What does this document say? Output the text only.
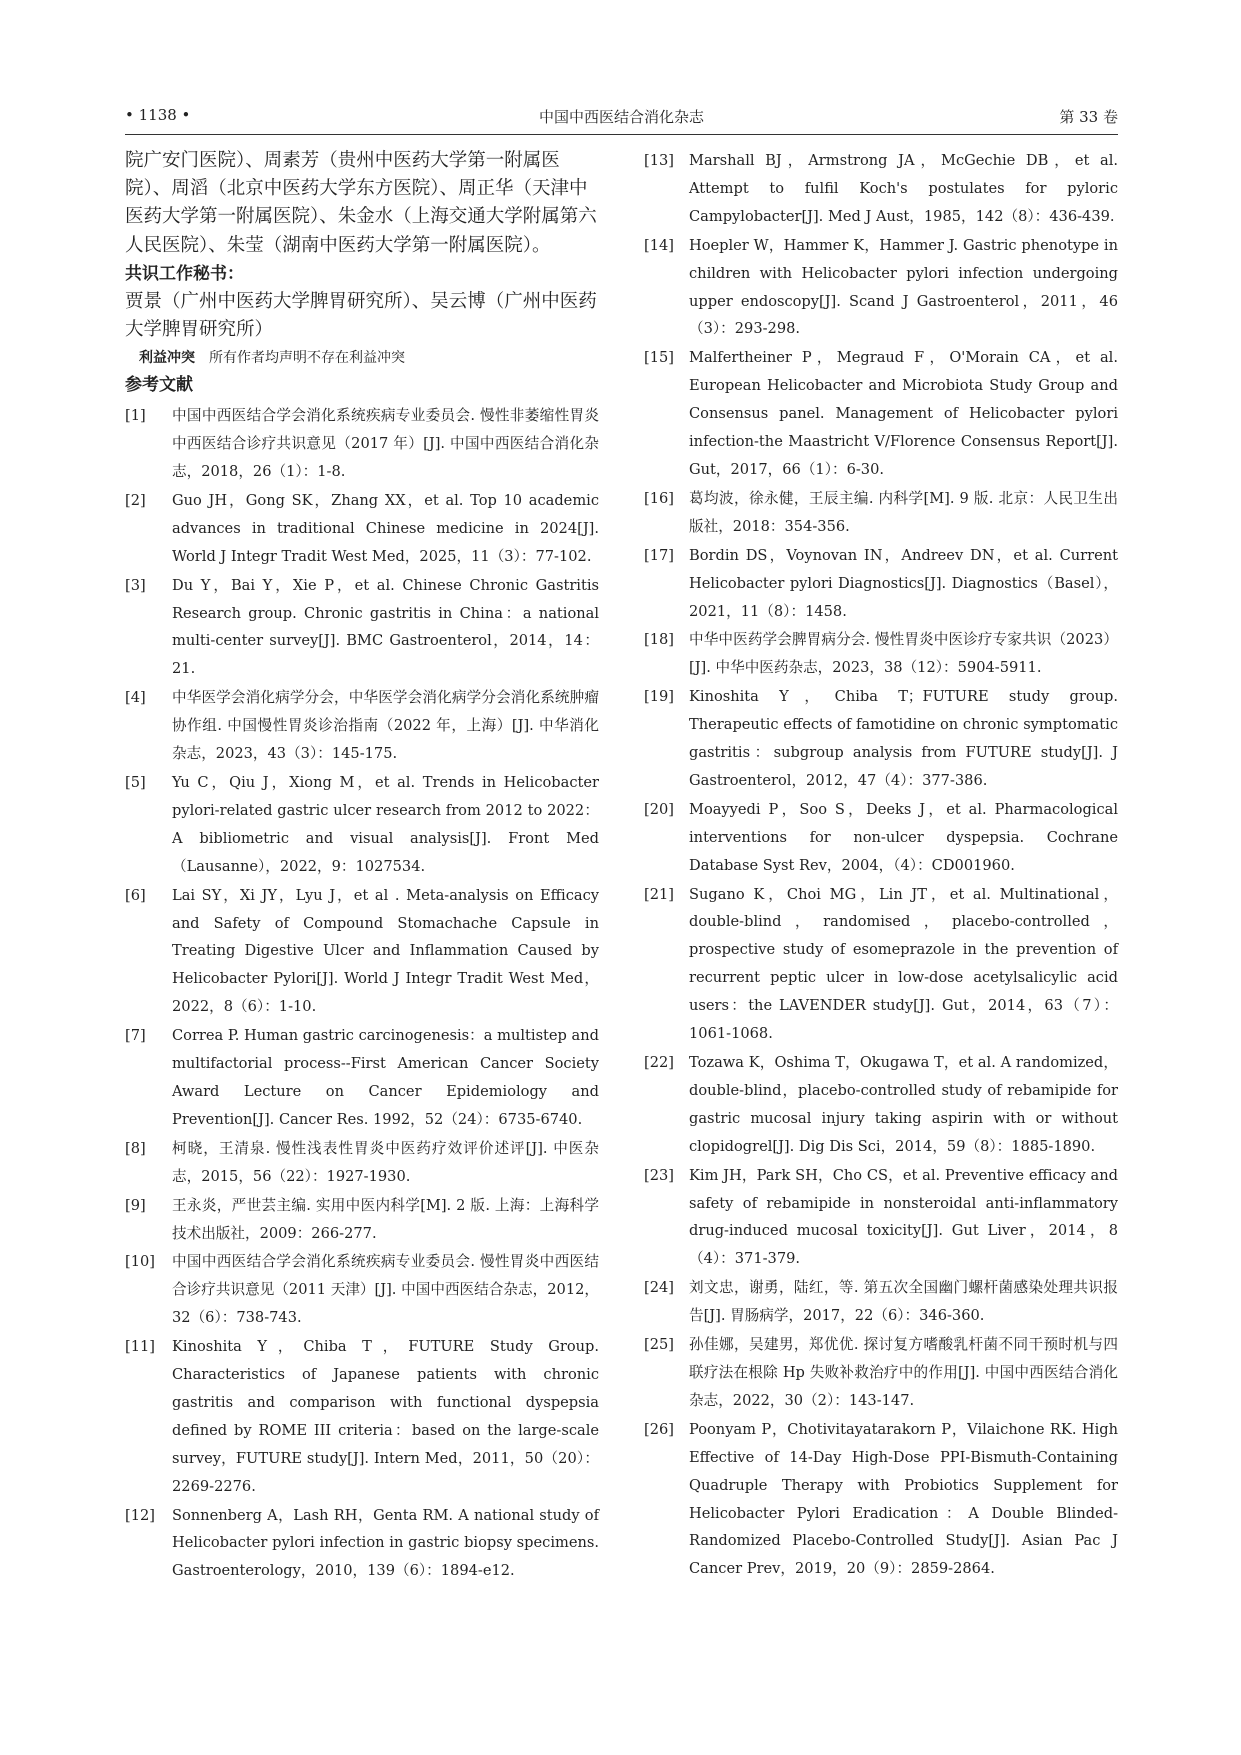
中国中西医结合消化杂志
• 1138 •	第 33 卷

院广安门医院）、周素芳（贵州中医药大学第一附属医院）、周滔（北京中医药大学东方医院）、周正华（天津中医药大学第一附属医院）、朱金水（上海交通大学附属第六人民医院）、朱莹（湖南中医药大学第一附属医院）。

共识工作秘书：

贾景（广州中医药大学脾胃研究所）、吴云博（广州中医药大学脾胃研究所）

利益冲突 所有作者均声明不存在利益冲突

参考文献

[1] 中国中西医结合学会消化系统疾病专业委员会. 慢性非萎缩性胃炎中西医结合诊疗共识意见（2017 年）[J]. 中国中西医结合消化杂志，2018，26（1）：1-8.
[2] Guo JH，Gong SK，Zhang XX，et al. Top 10 academic advances in traditional Chinese medicine in 2024[J]. World J Integr Tradit West Med，2025，11（3）：77-102.
[3] Du Y，Bai Y，Xie P，et al. Chinese Chronic Gastritis Research group. Chronic gastritis in China：a national multi-center survey[J]. BMC Gastroenterol，2014，14：21.
[4] 中华医学会消化病学分会，中华医学会消化病学分会消化系统肿瘤协作组. 中国慢性胃炎诊治指南（2022 年，上海）[J]. 中华消化杂志，2023，43（3）：145-175.
[5] Yu C，Qiu J，Xiong M，et al. Trends in Helicobacter pylori-related gastric ulcer research from 2012 to 2022：A bibliometric and visual analysis[J]. Front Med（Lausanne），2022，9：1027534.
[6] Lai SY，Xi JY，Lyu J，et al . Meta-analysis on Efficacy and Safety of Compound Stomachache Capsule in Treating Digestive Ulcer and Inflammation Caused by Helicobacter Pylori[J]. World J Integr Tradit West Med，2022，8（6）：1-10.
[7] Correa P. Human gastric carcinogenesis：a multistep and multifactorial process--First American Cancer Society Award Lecture on Cancer Epidemiology and Prevention[J]. Cancer Res. 1992，52（24）：6735-6740.
[8] 柯晓，王清泉. 慢性浅表性胃炎中医药疗效评价述评[J]. 中医杂志，2015，56（22）：1927-1930.
[9] 王永炎，严世芸主编. 实用中医内科学[M]. 2 版. 上海：上海科学技术出版社，2009：266-277.
[10] 中国中西医结合学会消化系统疾病专业委员会. 慢性胃炎中西医结合诊疗共识意见（2011 天津）[J]. 中国中西医结合杂志，2012，32（6）：738-743.
[11] Kinoshita Y，Chiba T，FUTURE Study Group. Characteristics of Japanese patients with chronic gastritis and comparison with functional dyspepsia defined by ROME III criteria：based on the large-scale survey，FUTURE study[J]. Intern Med，2011，50（20）：2269-2276.
[12] Sonnenberg A，Lash RH，Genta RM. A national study of Helicobacter pylori infection in gastric biopsy specimens. Gastroenterology，2010，139（6）：1894-e12.
[13] Marshall BJ，Armstrong JA，McGechie DB，et al. Attempt to fulfil Koch's postulates for pyloric Campylobacter[J]. Med J Aust，1985，142（8）：436-439.
[14] Hoepler W，Hammer K，Hammer J. Gastric phenotype in children with Helicobacter pylori infection undergoing upper endoscopy[J]. Scand J Gastroenterol，2011，46（3）：293-298.
[15] Malfertheiner P，Megraud F，O'Morain CA，et al. European Helicobacter and Microbiota Study Group and Consensus panel. Management of Helicobacter pylori infection-the Maastricht V/Florence Consensus Report[J]. Gut，2017，66（1）：6-30.
[16] 葛均波，徐永健，王辰主编. 内科学[M]. 9 版. 北京：人民卫生出版社，2018：354-356.
[17] Bordin DS，Voynovan IN，Andreev DN，et al. Current Helicobacter pylori Diagnostics[J]. Diagnostics（Basel），2021，11（8）：1458.
[18] 中华中医药学会脾胃病分会. 慢性胃炎中医诊疗专家共识（2023）[J]. 中华中医药杂志，2023，38（12）：5904-5911.
[19] Kinoshita Y，Chiba T；FUTURE study group. Therapeutic effects of famotidine on chronic symptomatic gastritis：subgroup analysis from FUTURE study[J]. J Gastroenterol，2012，47（4）：377-386.
[20] Moayyedi P，Soo S，Deeks J，et al. Pharmacological interventions for non-ulcer dyspepsia. Cochrane Database Syst Rev，2004，（4）：CD001960.
[21] Sugano K，Choi MG，Lin JT，et al. Multinational，double-blind，randomised，placebo-controlled，prospective study of esomeprazole in the prevention of recurrent peptic ulcer in low-dose acetylsalicylic acid users：the LAVENDER study[J]. Gut，2014，63（7）：1061-1068.
[22] Tozawa K，Oshima T，Okugawa T，et al. A randomized，double-blind，placebo-controlled study of rebamipide for gastric mucosal injury taking aspirin with or without clopidogrel[J]. Dig Dis Sci，2014，59（8）：1885-1890.
[23] Kim JH，Park SH，Cho CS，et al. Preventive efficacy and safety of rebamipide in nonsteroidal anti-inflammatory drug-induced mucosal toxicity[J]. Gut Liver，2014，8（4）：371-379.
[24] 刘文忠，谢勇，陆红，等. 第五次全国幽门螺杆菌感染处理共识报告[J]. 胃肠病学，2017，22（6）：346-360.
[25] 孙佳娜，吴建男，郑优优. 探讨复方嗜酸乳杆菌不同干预时机与四联疗法在根除 Hp 失败补救治疗中的作用[J]. 中国中西医结合消化杂志，2022，30（2）：143-147.
[26] Poonyam P，Chotivitayatarakorn P，Vilaichone RK. High Effective of 14-Day High-Dose PPI-Bismuth-Containing Quadruple Therapy with Probiotics Supplement for Helicobacter Pylori Eradication：A Double Blinded-Randomized Placebo-Controlled Study[J]. Asian Pac J Cancer Prev，2019，20（9）：2859-2864.
